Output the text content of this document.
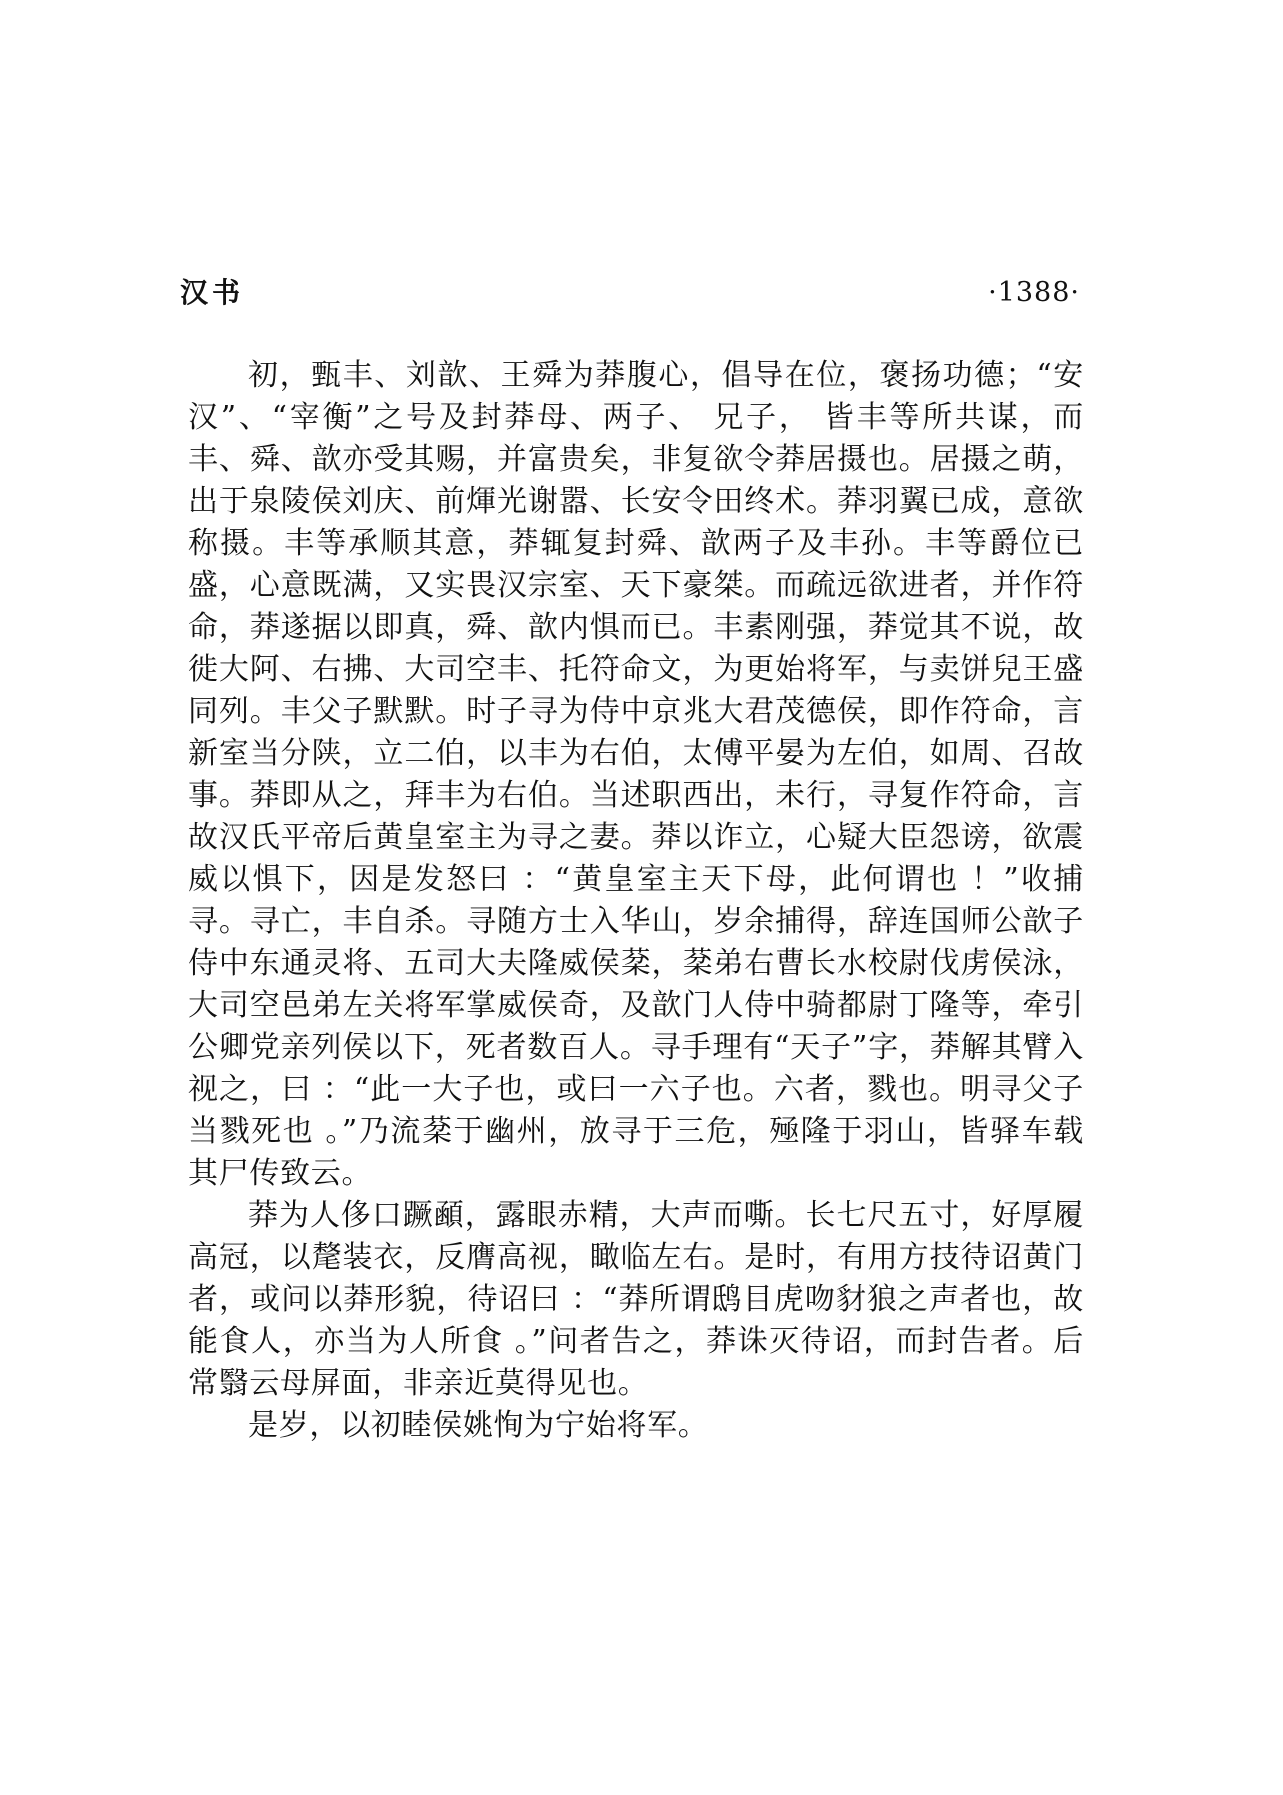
汉书	·1388·

初，甄丰、刘歆、王舜为莽腹心，倡导在位，褒扬功德；“安汉”、“宰衡”之号及封莽母、两子、 兄子， 皆丰等所共谋，而丰、舜、歆亦受其赐，并富贵矣，非复欲令莽居摄也。居摄之萌，出于泉陵侯刘庆、前煇光谢嚣、长安令田终术。莽羽翼已成，意欲称摄。丰等承顺其意，莽辄复封舜、歆两子及丰孙。丰等爵位已盛，心意既满，又实畏汉宗室、天下豪桀。而疏远欲进者，并作符命，莽遂据以即真，舜、歆内惧而已。丰素刚强，莽觉其不说，故徙大阿、右拂、大司空丰、托符命文，为更始将军，与卖饼兒王盛同列。丰父子默默。时子寻为侍中京兆大君茂德侯，即作符命，言新室当分陕，立二伯，以丰为右伯，太傅平晏为左伯，如周、召故事。莽即从之，拜丰为右伯。当述职西出，未行，寻复作符命，言故汉氏平帝后黄皇室主为寻之妻。莽以诈立，心疑大臣怨谤，欲震威以惧下，因是发怒曰 ：“黄皇室主天下母，此何谓也 ！”收捕寻。寻亡，丰自杀。寻随方士入华山，岁余捕得，辞连国师公歆子侍中东通灵将、五司大夫隆威侯棻，棻弟右曹长水校尉伐虏侯泳，大司空邑弟左关将军掌威侯奇，及歆门人侍中骑都尉丁隆等，牵引公卿党亲列侯以下，死者数百人。寻手理有“天子”字，莽解其臂入视之，曰 ：“此一大子也，或曰一六子也。六者，戮也。明寻父子当戮死也 。”乃流棻于幽州，放寻于三危，殛隆于羽山，皆驿车载其尸传致云。

莽为人侈口蹶顄，露眼赤精，大声而嘶。长七尺五寸，好厚履高冠，以氂装衣，反膺高视，瞰临左右。是时，有用方技待诏黄门者，或问以莽形貌，待诏曰 ：“莽所谓鸱目虎吻豺狼之声者也，故能食人，亦当为人所食 。”问者告之，莽诛灭待诏，而封告者。后常翳云母屏面，非亲近莫得见也。

是岁，以初睦侯姚恂为宁始将军。
